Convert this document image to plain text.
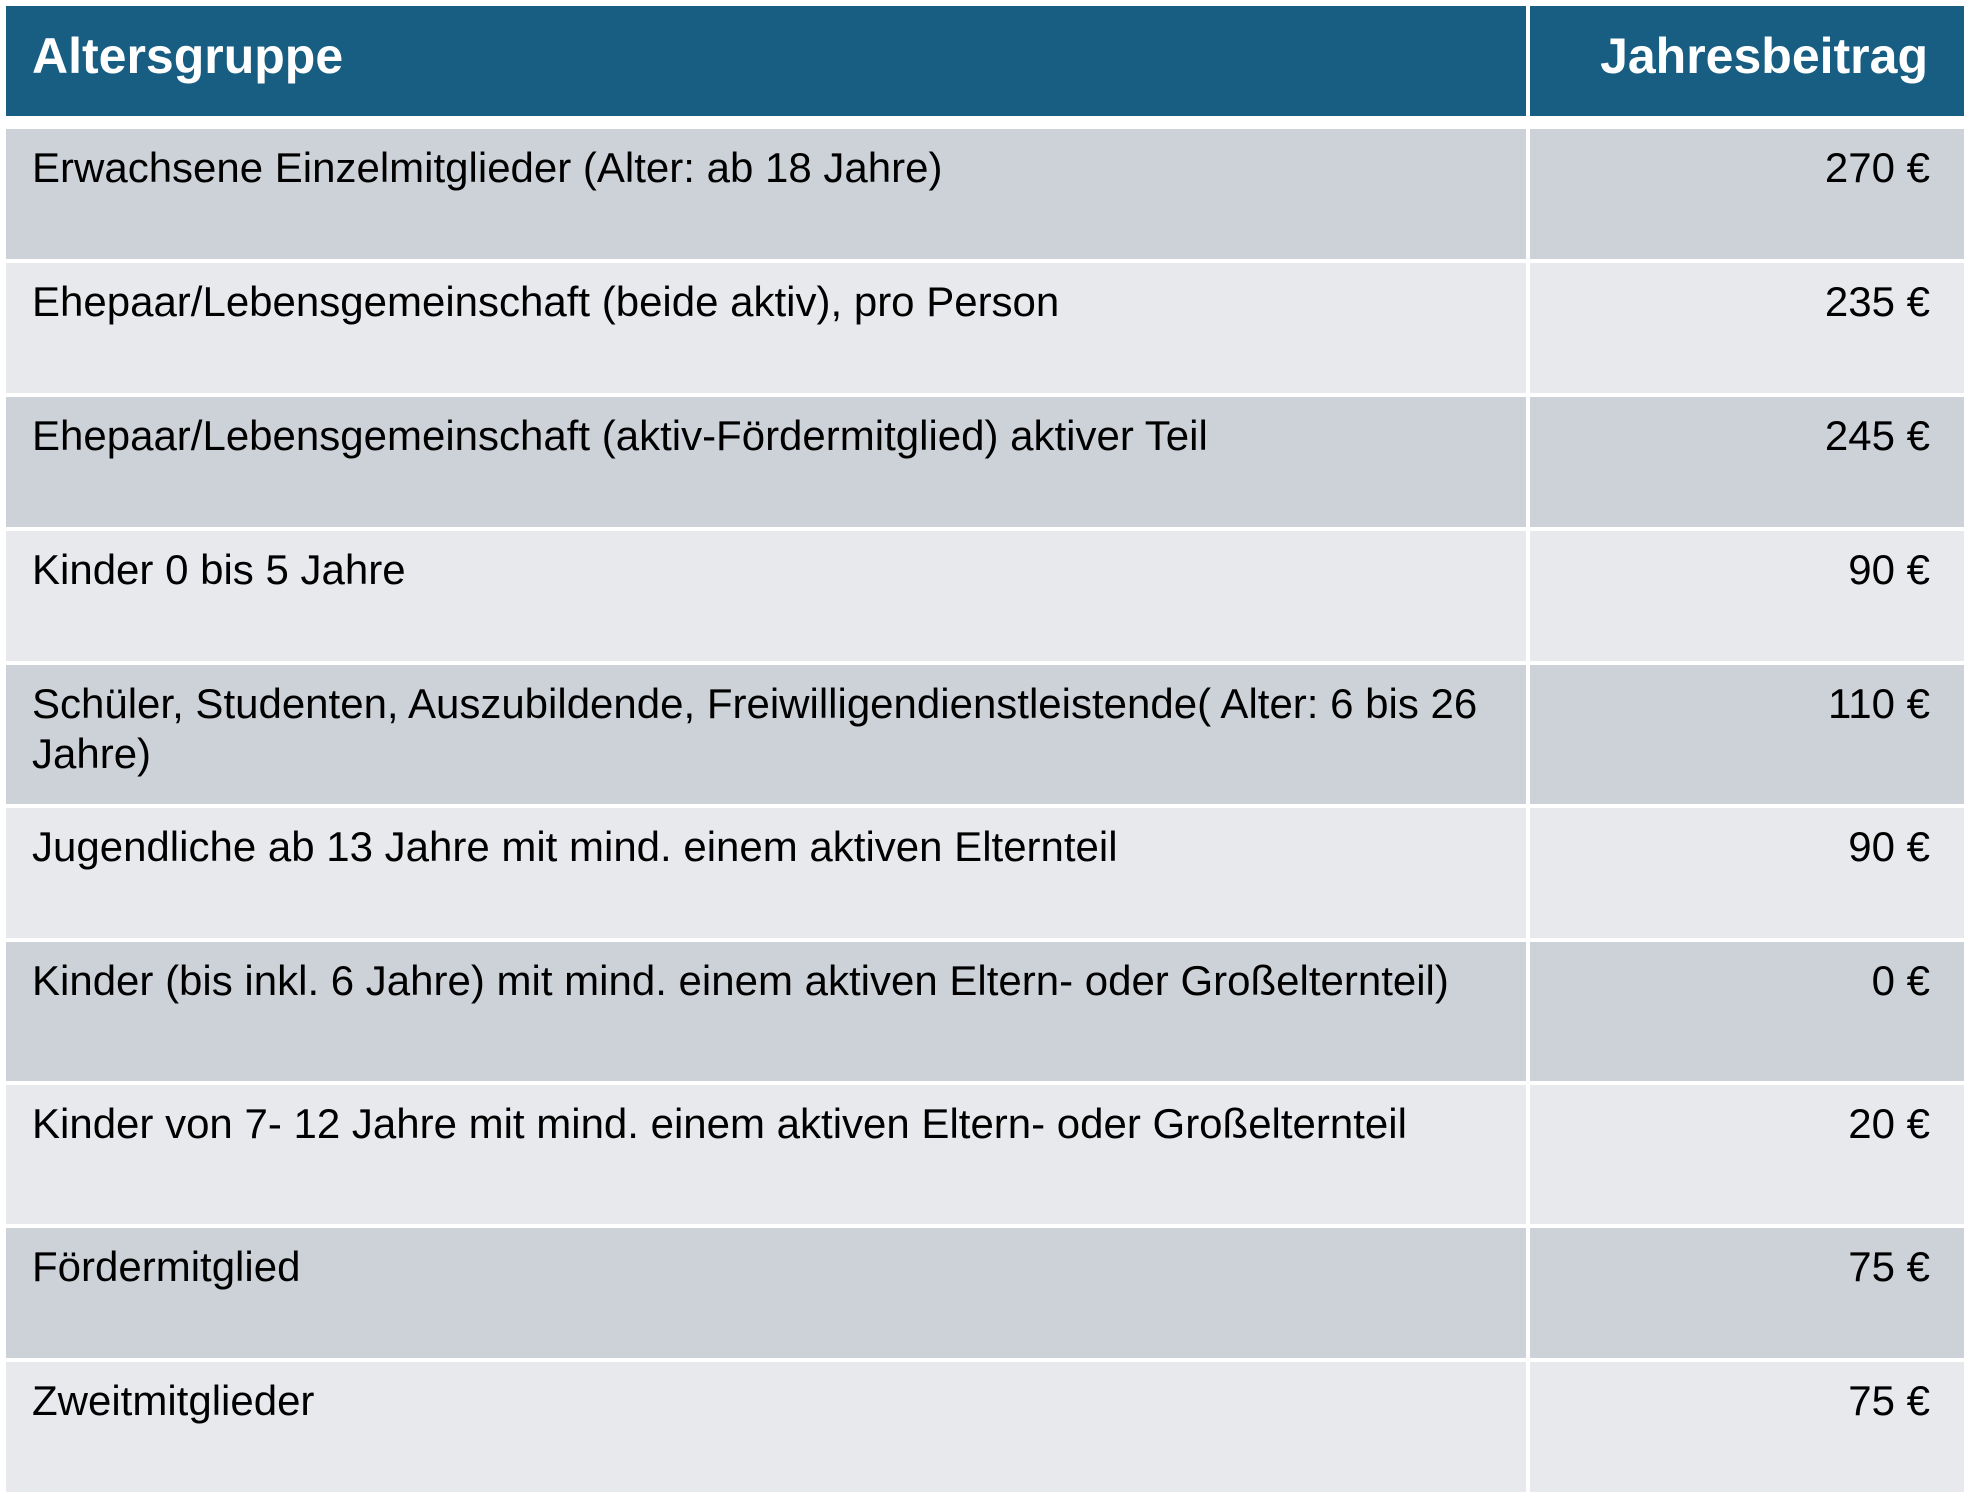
Altersgruppe	Jahresbeitrag
Erwachsene Einzelmitglieder (Alter: ab 18 Jahre)	270 €
Ehepaar/Lebensgemeinschaft (beide aktiv), pro Person	235 €
Ehepaar/Lebensgemeinschaft (aktiv-Fördermitglied) aktiver Teil	245 €
Kinder 0 bis 5 Jahre	90 €
Schüler, Studenten, Auszubildende, Freiwilligendienstleistende( Alter: 6 bis 26 Jahre)	110 €
Jugendliche ab 13 Jahre mit mind. einem aktiven Elternteil	90 €
Kinder (bis inkl. 6 Jahre) mit mind. einem aktiven Eltern- oder Großelternteil)	0 €
Kinder von 7- 12 Jahre mit mind. einem aktiven Eltern- oder Großelternteil	20 €
Fördermitglied	75 €
Zweitmitglieder	75 €
